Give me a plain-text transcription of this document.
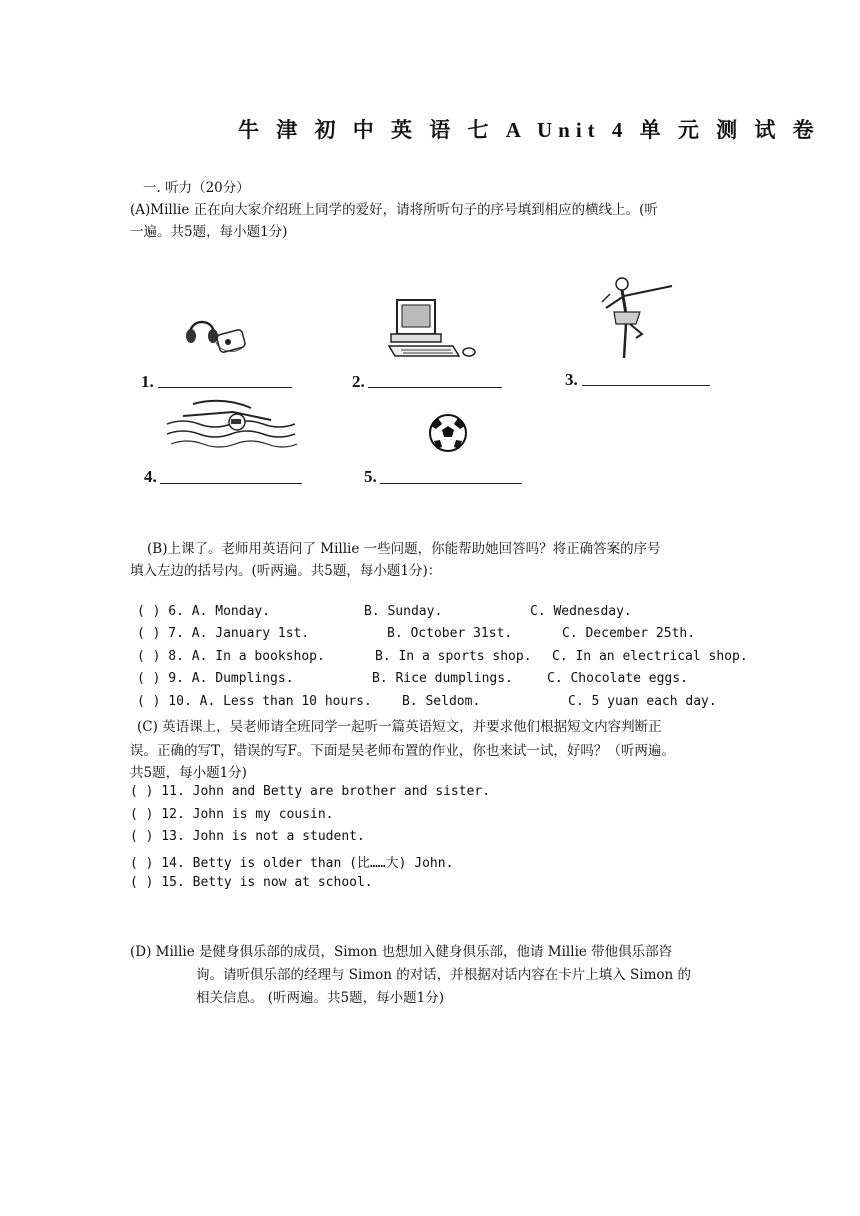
牛 津 初 中 英 语 七 A Unit 4 单 元 测 试 卷
一. 听力（20分）
(A)Millie 正在向大家介绍班上同学的爱好，请将所听句子的序号填到相应的横线上。(听
一遍。共5题，每小题1分)
1.	2.	3.
4.	5.
(B)上课了。老师用英语问了 Millie 一些问题，你能帮助她回答吗？将正确答案的序号
填入左边的括号内。(听两遍。共5题，每小题1分)：
( ) 6. A. Monday.	B. Sunday.	C. Wednesday.
( ) 7. A. January 1st.	B. October 31st.	C. December 25th.
( ) 8. A. In a bookshop.	B. In a sports shop. C. In an electrical shop.
( ) 9. A. Dumplings.	B. Rice dumplings.	C. Chocolate eggs.
( ) 10. A. Less than 10 hours. B. Seldom.	C. 5 yuan each day.
(C) 英语课上，吴老师请全班同学一起听一篇英语短文，并要求他们根据短文内容判断正
误。正确的写T，错误的写F。下面是吴老师布置的作业，你也来试一试，好吗？（听两遍。
共5题，每小题1分)
( ) 11. John and Betty are brother and sister.
( ) 12. John is my cousin.
( ) 13. John is not a student.
( ) 14. Betty is older than (比……大) John.
( ) 15. Betty is now at school.
(D) Millie 是健身俱乐部的成员，Simon 也想加入健身俱乐部，他请 Millie 带他俱乐部咨
询。请听俱乐部的经理与 Simon 的对话，并根据对话内容在卡片上填入 Simon 的
相关信息。 (听两遍。共5题，每小题1分)
